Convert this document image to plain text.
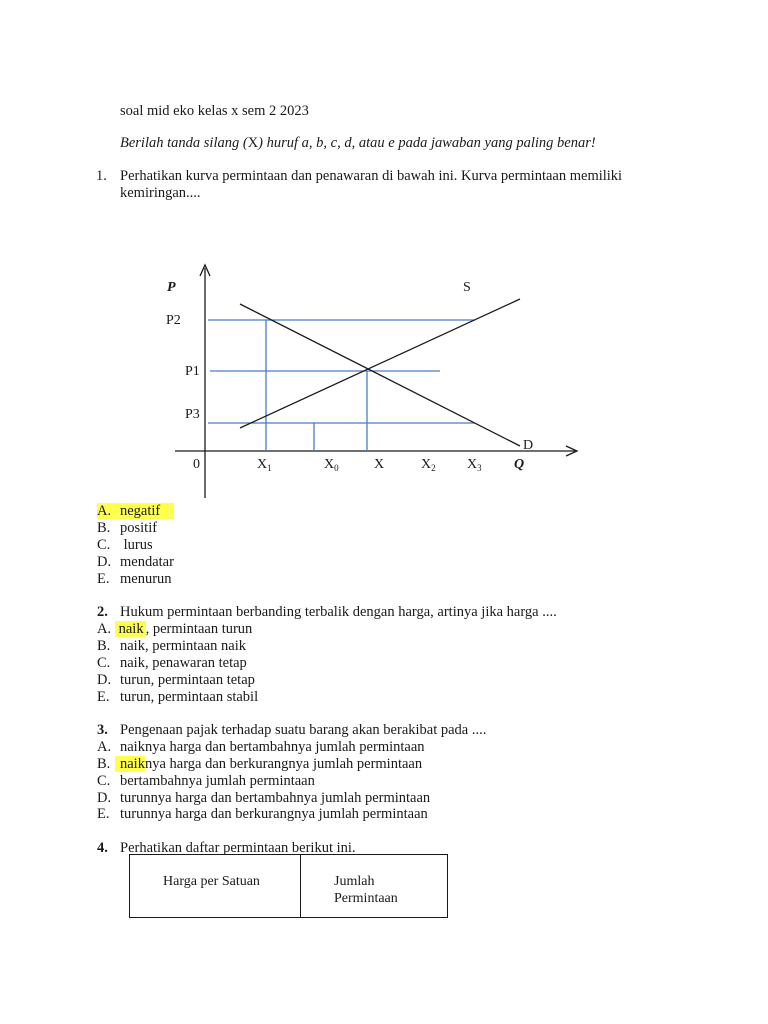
soal mid eko kelas x sem 2 2023
Berilah tanda silang (X) huruf a, b, c, d, atau e pada jawaban yang paling benar!
1. Perhatikan kurva permintaan dan penawaran di bawah ini. Kurva permintaan memiliki
kemiringan....
P
P2
P1
P3
S
D
0	$X_1$	$X_0$	X	$X_2$ $X_3$ Q
A. negatif
B. positif
C. lurus
D. mendatar
E. menurun
2. Hukum permintaan berbanding terbalik dengan harga, artinya jika harga ....
A. naik , permintaan turun
B. naik, permintaan naik
C. naik, penawaran tetap
D. turun, permintaan tetap
E. turun, permintaan stabil
3. Pengenaan pajak terhadap suatu barang akan berakibat pada ....
A. naiknya harga dan bertambahnya jumlah permintaan
B. naiknya harga dan berkurangnya jumlah permintaan
C. bertambahnya jumlah permintaan
D. turunnya harga dan bertambahnya jumlah permintaan
E. turunnya harga dan berkurangnya jumlah permintaan
4. Perhatikan daftar permintaan berikut ini.
Harga per Satuan	Jumlah
Permintaan
